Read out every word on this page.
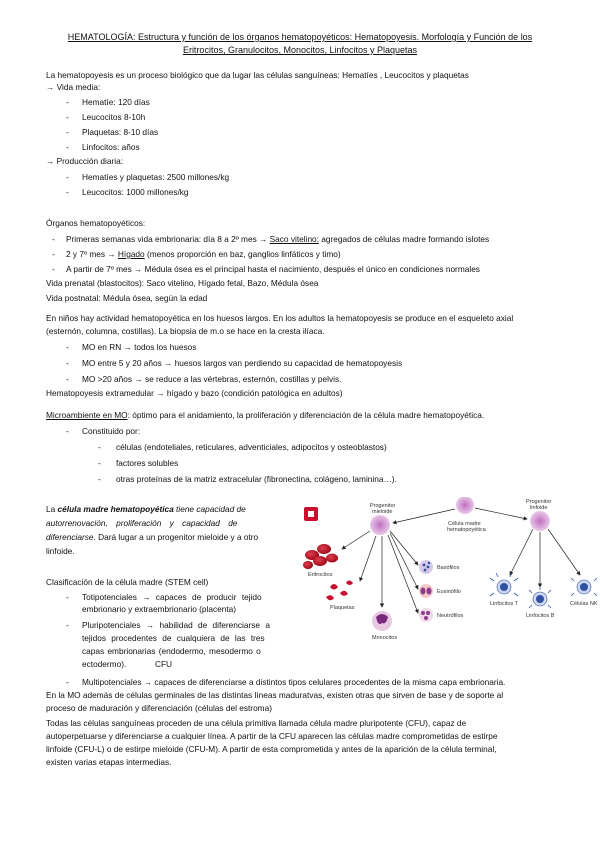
HEMATOLOGÍA: Estructura y función de los órganos hematopoyéticos: Hematopoyesis. Morfología y Función de los
Eritrocitos, Granulocitos, Monocitos, Linfocitos y Plaquetas
La hematopoyesis es un proceso biológico que da lugar las células sanguíneas: Hematíes , Leucocitos y plaquetas
→ Vida media:
- Hematíe: 120 días
- Leucocitos 8-10h
- Plaquetas: 8-10 días
- Linfocitos: años
→ Producción diaria:
- Hematíes y plaquetas: 2500 millones/kg
- Leucocitos: 1000 millones/kg
Órganos hematopoyéticos:
- Primeras semanas vida embrionaria: día 8 a 2º mes → Saco vitelino: agregados de células madre formando islotes
- 2 y 7º mes → Hígado (menos proporción en baz, ganglios linfáticos y timo)
- A partir de 7º mes → Médula ósea es el principal hasta el nacimiento, después el único en condiciones normales
Vida prenatal (blastocitos): Saco vitelino, Hígado fetal, Bazo, Médula ósea
Vida postnatal: Médula ósea, según la edad
En niños hay actividad hematopoyética en los huesos largos. En los adultos la hematopoyesis se produce en el esqueleto axial
(esternón, columna, costillas). La biopsia de m.o se hace en la cresta ilíaca.
- MO en RN → todos los huesos
- MO entre 5 y 20 años → huesos largos van perdiendo su capacidad de hematopoyesis
- MO >20 años → se reduce a las vértebras, esternón, costillas y pelvis.
Hematopoyesis extramedular → hígado y bazo (condición patológica en adultos)
Microambiente en MO: óptimo para el anidamiento, la proliferación y diferenciación de la célula madre hematopoyética.
- Constituido por:
- células (endoteliales, reticulares, adventiciales, adipocitos y osteoblastos)
- factores solubles
- otras proteínas de la matriz extracelular (fibronectina, colágeno, laminina…).
La célula madre hematopoyética tiene capacidad de
autorrenovación, proliferación y capacidad de
diferenciarse. Dará lugar a un progenitor mieloide y a otro
linfoide.
Clasificación de la célula madre (STEM cell)
- Totipotenciales → capaces de producir tejido
embrionario y extraembrionario (placenta)
- Pluripotenciales → habilidad de diferenciarse a
tejidos procedentes de cualquiera de las tres
capas embrionarias (endodermo, mesodermo o
ectodermo).	CFU
- Multipotenciales → capaces de diferenciarse a distintos tipos celulares procedentes de la misma capa embrionaria.
En la MO además de células germinales de las distintas líneas maduratvas, existen otras que sirven de base y de soporte al
proceso de maduración y diferenciación (células del estroma)
Todas las células sanguíneas proceden de una célula primitiva llamada célula madre pluripotente (CFU), capaz de
autoperpetuarse y diferenciarse a cualquier línea. A partir de la CFU aparecen las células madre comprometidas de estirpe
linfoide (CFU-L) o de estirpe mieloide (CFU-M). A partir de esta comprometida y antes de la aparición de la célula terminal,
existen varias etapas intermedias.
Célula madre
hematopoyética
Progenitor
mieloide
Progenitor
linfoide
Eritrocitos
Plaquetas
Monocitos
Basófilos
Eosinófilo
Neutrófilos
Linfocitos T
Linfocitos B
Células NK
